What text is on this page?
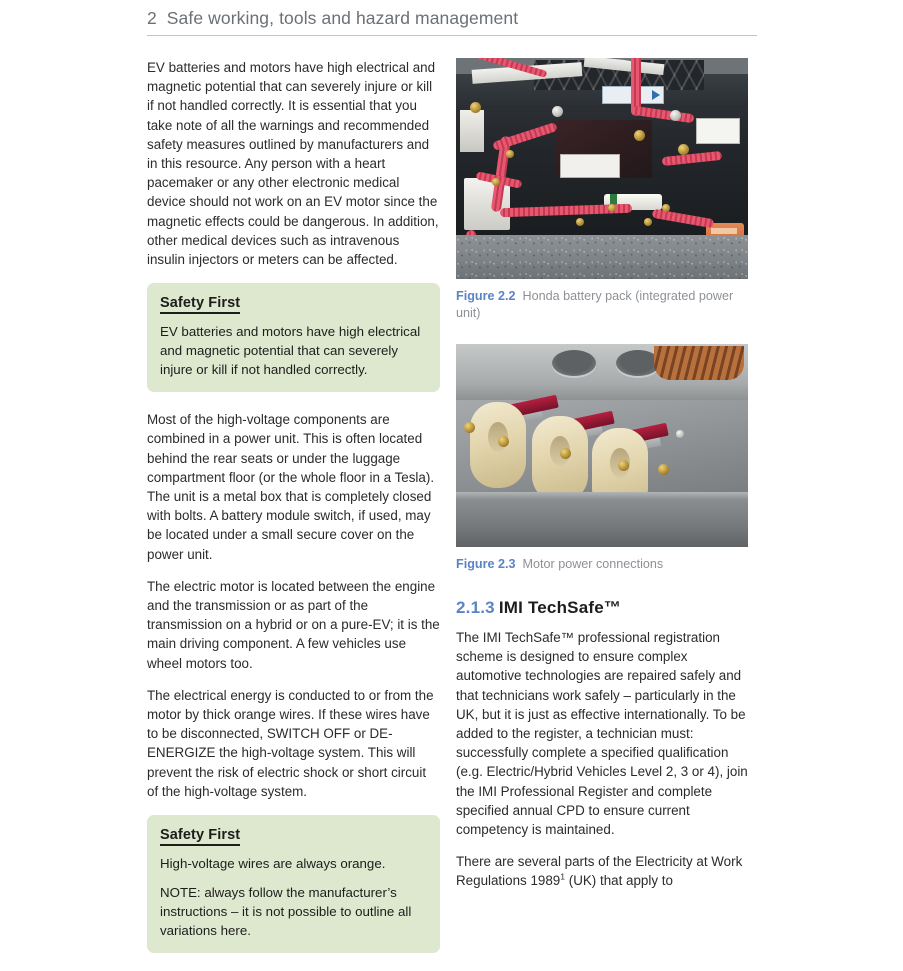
2 Safe working, tools and hazard management

EV batteries and motors have high electrical and magnetic potential that can severely injure or kill if not handled correctly. It is essential that you take note of all the warnings and recommended safety measures outlined by manufacturers and in this resource. Any person with a heart pacemaker or any other electronic medical device should not work on an EV motor since the magnetic effects could be dangerous. In addition, other medical devices such as intravenous insulin injectors or meters can be affected.

Safety First

EV batteries and motors have high electrical and magnetic potential that can severely injure or kill if not handled correctly.

Most of the high-voltage components are combined in a power unit. This is often located behind the rear seats or under the luggage compartment floor (or the whole floor in a Tesla). The unit is a metal box that is completely closed with bolts. A battery module switch, if used, may be located under a small secure cover on the power unit.

The electric motor is located between the engine and the transmission or as part of the transmission on a hybrid or on a pure-EV; it is the main driving component. A few vehicles use wheel motors too.

The electrical energy is conducted to or from the motor by thick orange wires. If these wires have to be disconnected, SWITCH OFF or DE-ENERGIZE the high-voltage system. This will prevent the risk of electric shock or short circuit of the high-voltage system.

Safety First

High-voltage wires are always orange.

NOTE: always follow the manufacturer’s instructions – it is not possible to outline all variations here.

Figure 2.2 Honda battery pack (integrated power unit)
Figure 2.3 Motor power connections
2.1.3 IMI TechSafe™

The IMI TechSafe™ professional registration scheme is designed to ensure complex automotive technologies are repaired safely and that technicians work safely – particularly in the UK, but it is just as effective internationally. To be added to the register, a technician must: successfully complete a specified qualification (e.g. Electric/Hybrid Vehicles Level 2, 3 or 4), join the IMI Professional Register and complete specified annual CPD to ensure current competency is maintained.

There are several parts of the Electricity at Work Regulations 1989$^1$ (UK) that apply to
